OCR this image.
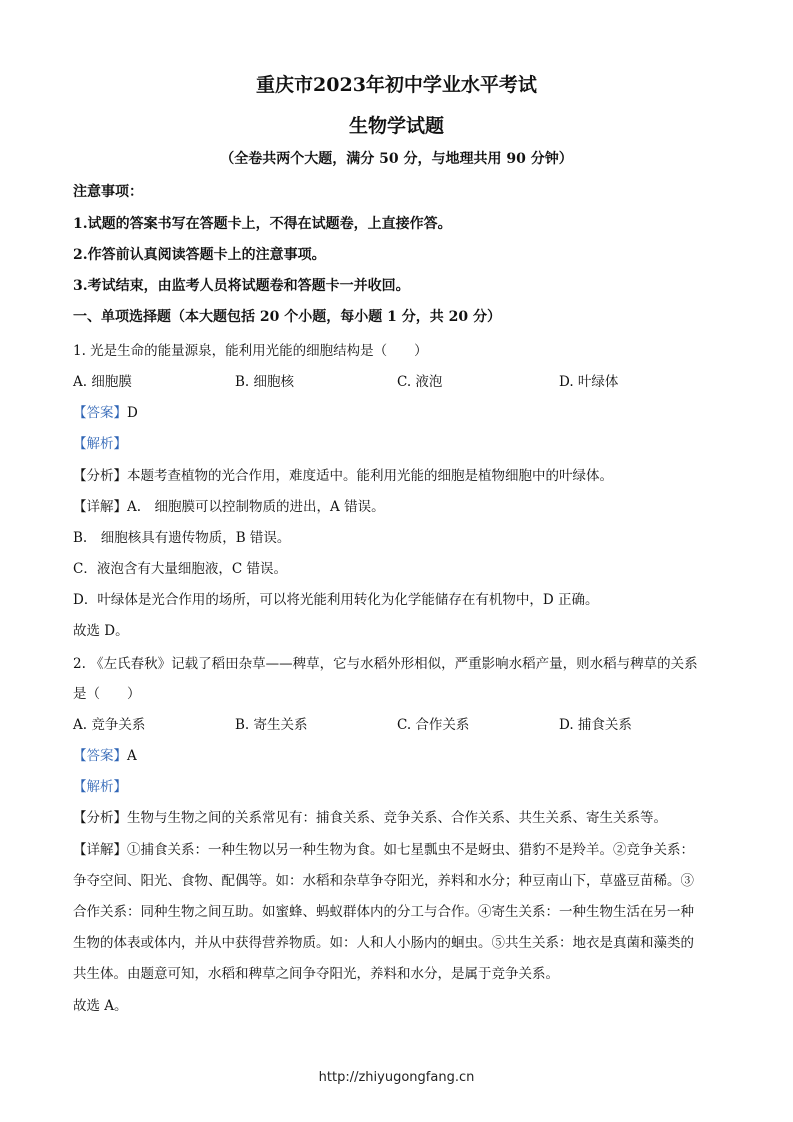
重庆市2023年初中学业水平考试
生物学试题
（全卷共两个大题，满分 50 分，与地理共用 90 分钟）
注意事项：
1.试题的答案书写在答题卡上，不得在试题卷，上直接作答。
2.作答前认真阅读答题卡上的注意事项。
3.考试结束，由监考人员将试题卷和答题卡一并收回。
一、单项选择题（本大题包括 20 个小题，每小题 1 分，共 20 分）
1. 光是生命的能量源泉，能利用光能的细胞结构是（　　）
A. 细胞膜	B. 细胞核	C. 液泡	D. 叶绿体
【答案】D
【解析】
【分析】本题考查植物的光合作用，难度适中。能利用光能的细胞是植物细胞中的叶绿体。
【详解】A.　细胞膜可以控制物质的进出，A 错误。
B.　细胞核具有遗传物质，B 错误。
C．液泡含有大量细胞液，C 错误。
D．叶绿体是光合作用的场所，可以将光能利用转化为化学能储存在有机物中，D 正确。
故选 D。
2. 《左氏春秋》记载了稻田杂草——稗草，它与水稻外形相似，严重影响水稻产量，则水稻与稗草的关系
是（　　）
A. 竞争关系	B. 寄生关系	C. 合作关系	D. 捕食关系
【答案】A
【解析】
【分析】生物与生物之间的关系常见有：捕食关系、竞争关系、合作关系、共生关系、寄生关系等。
【详解】①捕食关系：一种生物以另一种生物为食。如七星瓢虫不是蚜虫、猎豹不是羚羊。②竞争关系：
争夺空间、阳光、食物、配偶等。如：水稻和杂草争夺阳光，养料和水分；种豆南山下，草盛豆苗稀。③
合作关系：同种生物之间互助。如蜜蜂、蚂蚁群体内的分工与合作。④寄生关系：一种生物生活在另一种
生物的体表或体内，并从中获得营养物质。如：人和人小肠内的蛔虫。⑤共生关系：地衣是真菌和藻类的
共生体。由题意可知，水稻和稗草之间争夺阳光，养料和水分，是属于竞争关系。
故选 A。
http://zhiyugongfang.cn
